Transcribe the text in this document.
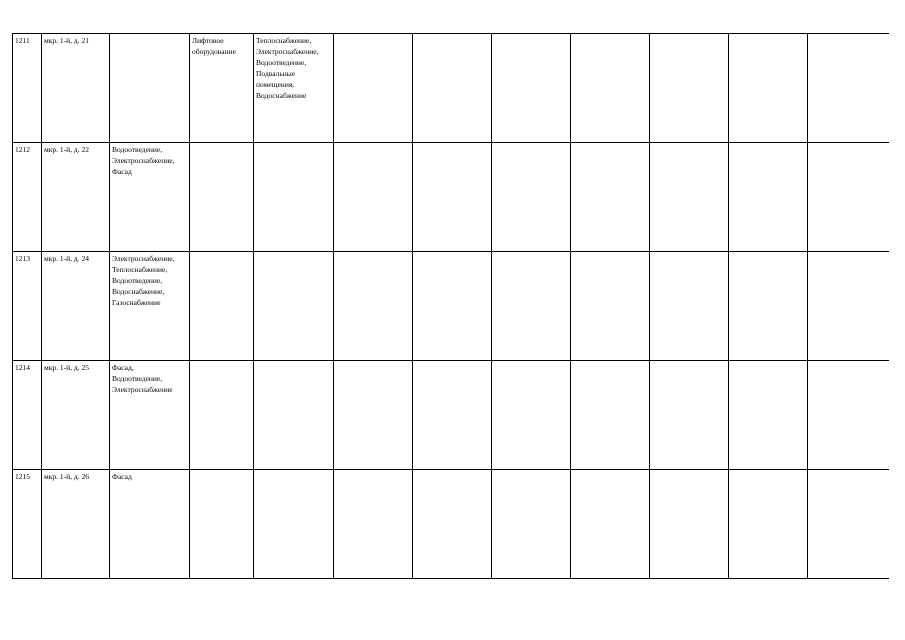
1211	мкр. 1-й, д. 21		Лифтовое оборудование	Теплоснабжение,
Электроснабжение,
Водоотведение,
Подвальные помещения,
Водоснабжение							

1212	мкр. 1-й, д. 22	Водоотведение,
Электроснабжение,
Фасад									

1213	мкр. 1-й, д. 24	Электроснабжение,
Теплоснабжение,
Водоотведение,
Водоснабжение,
Газоснабжение									

1214	мкр. 1-й, д. 25	Фасад,
Водоотведение,
Электроснабжение									

1215	мкр. 1-й, д. 26	Фасад									
